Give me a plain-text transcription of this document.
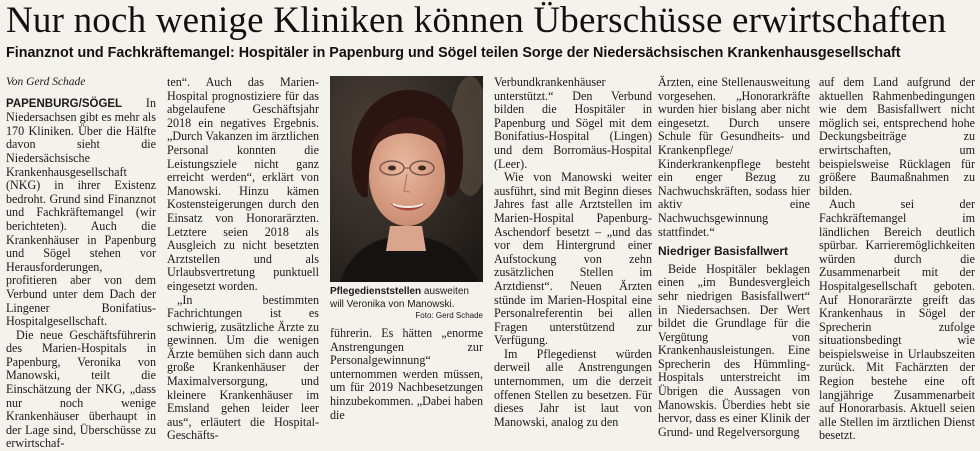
Nur noch wenige Kliniken können Überschüsse erwirtschaften
Finanznot und Fachkräftemangel: Hospitäler in Papenburg und Sögel teilen Sorge der Niedersächsischen Krankenhausgesellschaft

Von Gerd Schade

PAPENBURG/SÖGEL In Niedersachsen gibt es mehr als 170 Kliniken. Über die Hälfte davon sieht die Niedersächsische Krankenhausgesellschaft (NKG) in ihrer Existenz bedroht. Grund sind Finanznot und Fachkräftemangel (wir berichteten). Auch die Krankenhäuser in Papenburg und Sögel stehen vor Herausforderungen, profitieren aber von dem Verbund unter dem Dach der Lingener Bonifatius-Hospitalgesellschaft.

Die neue Geschäftsführerin des Marien-Hospitals in Papenburg, Veronika von Manowski, teilt die Einschätzung der NKG, „dass nur noch wenige Krankenhäuser überhaupt in der Lage sind, Überschüsse zu erwirtschaf-

ten“. Auch das Marien-Hospital prognostiziere für das abgelaufene Geschäftsjahr 2018 ein negatives Ergebnis. „Durch Vakanzen im ärztlichen Personal konnten die Leistungsziele nicht ganz erreicht werden“, erklärt von Manowski. Hinzu kämen Kostensteigerungen durch den Einsatz von Honorarärzten. Letztere seien 2018 als Ausgleich zu nicht besetzten Arztstellen und als Urlaubsvertretung punktuell eingesetzt worden.

„In bestimmten Fachrichtungen ist es schwierig, zusätzliche Ärzte zu gewinnen. Um die wenigen Ärzte bemühen sich dann auch große Krankenhäuser der Maximalversorgung, und kleinere Krankenhäuser im Emsland gehen leider leer aus“, erläutert die Hospital-Geschäfts-

Pflegedienststellen ausweiten will Veronika von Manowski.
Foto: Gerd Schade
führerin. Es hätten „enorme Anstrengungen zur Personalgewinnung“ unternommen werden müssen, um für 2019 Nachbesetzungen hinzubekommen. „Dabei haben die

Verbundkrankenhäuser unterstützt.“ Den Verbund bilden die Hospitäler in Papenburg und Sögel mit dem Bonifatius-Hospital (Lingen) und dem Borromäus-Hospital (Leer).

Wie von Manowski weiter ausführt, sind mit Beginn dieses Jahres fast alle Arztstellen im Marien-Hospital Papenburg-Aschendorf besetzt – „und das vor dem Hintergrund einer Aufstockung von zehn zusätzlichen Stellen im Arztdienst“. Neuen Ärzten stünde im Marien-Hospital eine Personalreferentin bei allen Fragen unterstützend zur Verfügung.

Im Pflegedienst würden derweil alle Anstrengungen unternommen, um die derzeit offenen Stellen zu besetzen. Für dieses Jahr ist laut von Manowski, analog zu den

Ärzten, eine Stellenausweitung vorgesehen. „Honorarkräfte wurden hier bislang aber nicht eingesetzt. Durch unsere Schule für Gesundheits- und Krankenpflege/ Kinderkrankenpflege besteht ein enger Bezug zu Nachwuchskräften, sodass hier aktiv eine Nachwuchsgewinnung stattfindet.“

Niedriger Basisfallwert

Beide Hospitäler beklagen einen „im Bundesvergleich sehr niedrigen Basisfallwert“ in Niedersachsen. Der Wert bildet die Grundlage für die Vergütung von Krankenhausleistungen. Eine Sprecherin des Hümmling-Hospitals unterstreicht im Übrigen die Aussagen von Manowskis. Überdies hebt sie hervor, dass es einer Klinik der Grund- und Regelversorgung

auf dem Land aufgrund der aktuellen Rahmenbedingungen wie dem Basisfallwert nicht möglich sei, entsprechend hohe Deckungsbeiträge zu erwirtschaften, um beispielsweise Rücklagen für größere Baumaßnahmen zu bilden.

Auch sei der Fachkräftemangel im ländlichen Bereich deutlich spürbar. Karrieremöglichkeiten würden durch die Zusammenarbeit mit der Hospitalgesellschaft geboten. Auf Honorarärzte greift das Krankenhaus in Sögel der Sprecherin zufolge situationsbedingt wie beispielsweise in Urlaubszeiten zurück. Mit Fachärzten der Region bestehe eine oft langjährige Zusammenarbeit auf Honorarbasis. Aktuell seien alle Stellen im ärztlichen Dienst besetzt.
